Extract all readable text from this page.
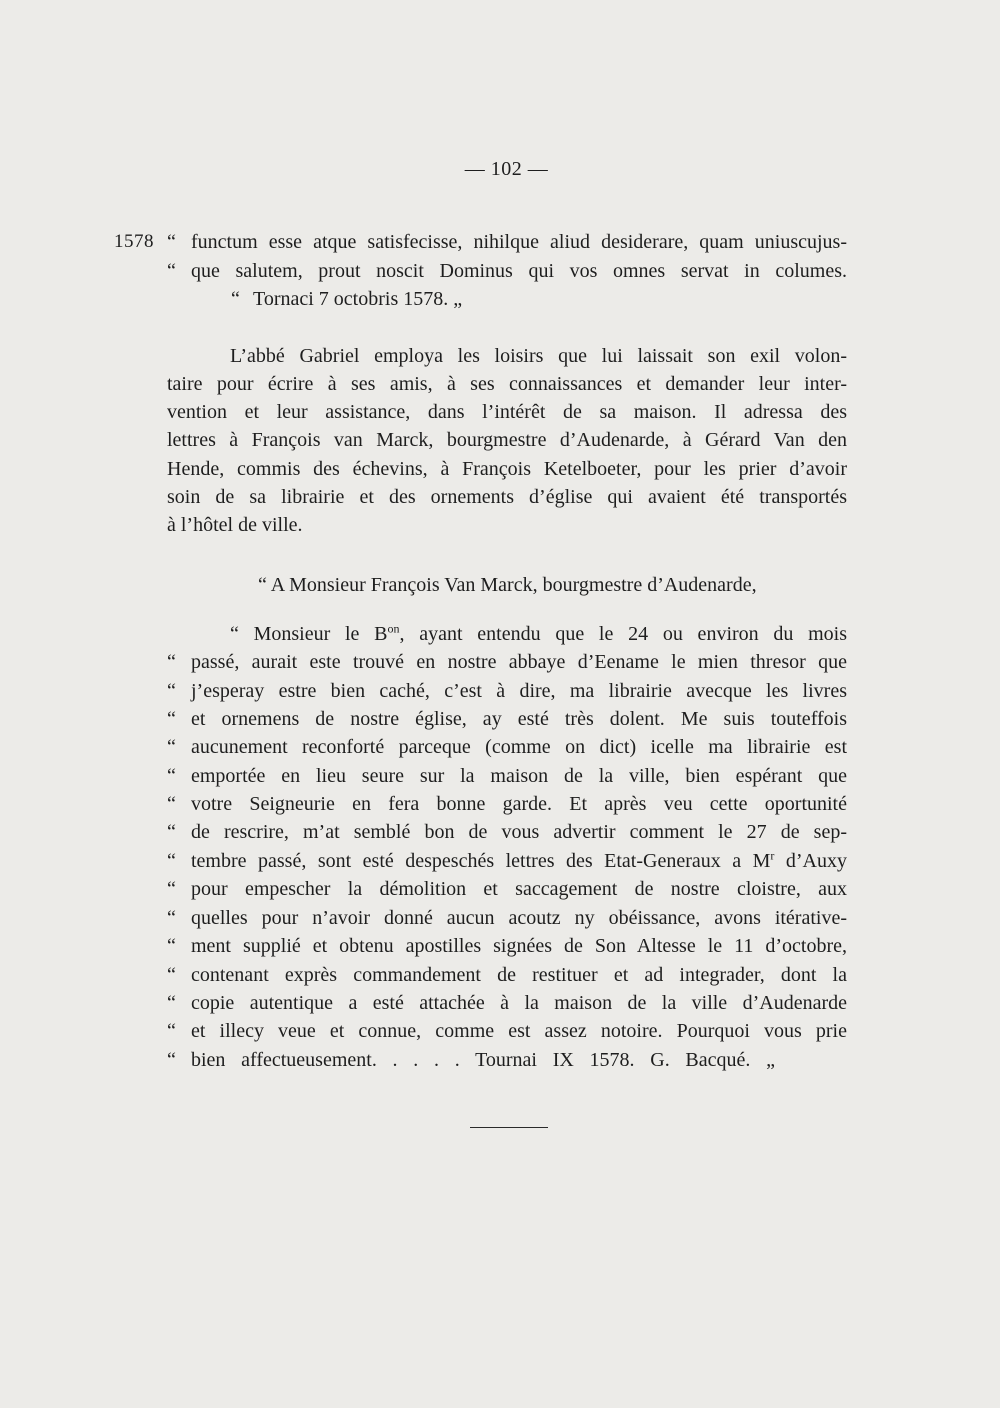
— 102 —
1578 “ functum esse atque satisfecisse, nihilque aliud desiderare, quam uniuscujus-
“ que salutem, prout noscit Dominus qui vos omnes servat in columes.
“ Tornaci 7 octobris 1578. „
L’abbé Gabriel employa les loisirs que lui laissait son exil volon-
taire pour écrire à ses amis, à ses connaissances et demander leur inter-
vention et leur assistance, dans l’intérêt de sa maison. Il adressa des
lettres à François van Marck, bourgmestre d’Audenarde, à Gérard Van den
Hende, commis des échevins, à François Ketelboeter, pour les prier d’avoir
soin de sa librairie et des ornements d’église qui avaient été transportés
à l’hôtel de ville.
“ A Monsieur François Van Marck, bourgmestre d’Audenarde,
“ Monsieur le $B^{on}$, ayant entendu que le 24 ou environ du mois
“ passé, aurait este trouvé en nostre abbaye d’Eename le mien thresor que
“ j’esperay estre bien caché, c’est à dire, ma librairie avecque les livres
“ et ornemens de nostre église, ay esté très dolent. Me suis touteffois
“ aucunement reconforté parceque (comme on dict) icelle ma librairie est
“ emportée en lieu seure sur la maison de la ville, bien espérant que
“ votre Seigneurie en fera bonne garde. Et après veu cette oportunité
“ de rescrire, m’at semblé bon de vous advertir comment le 27 de sep-
“ tembre passé, sont esté despeschés lettres des Etat-Generaux a $M^r$ d’Auxy
“ pour empescher la démolition et saccagement de nostre cloistre, aux
“ quelles pour n’avoir donné aucun acoutz ny obéissance, avons itérative-
“ ment supplié et obtenu apostilles signées de Son Altesse le 11 d’octobre,
“ contenant exprès commandement de restituer et ad integrader, dont la
“ copie autentique a esté attachée à la maison de la ville d’Audenarde
“ et illecy veue et connue, comme est assez notoire. Pourquoi vous prie
“ bien affectueusement. . . . . Tournai IX 1578. G. Bacqué. „
